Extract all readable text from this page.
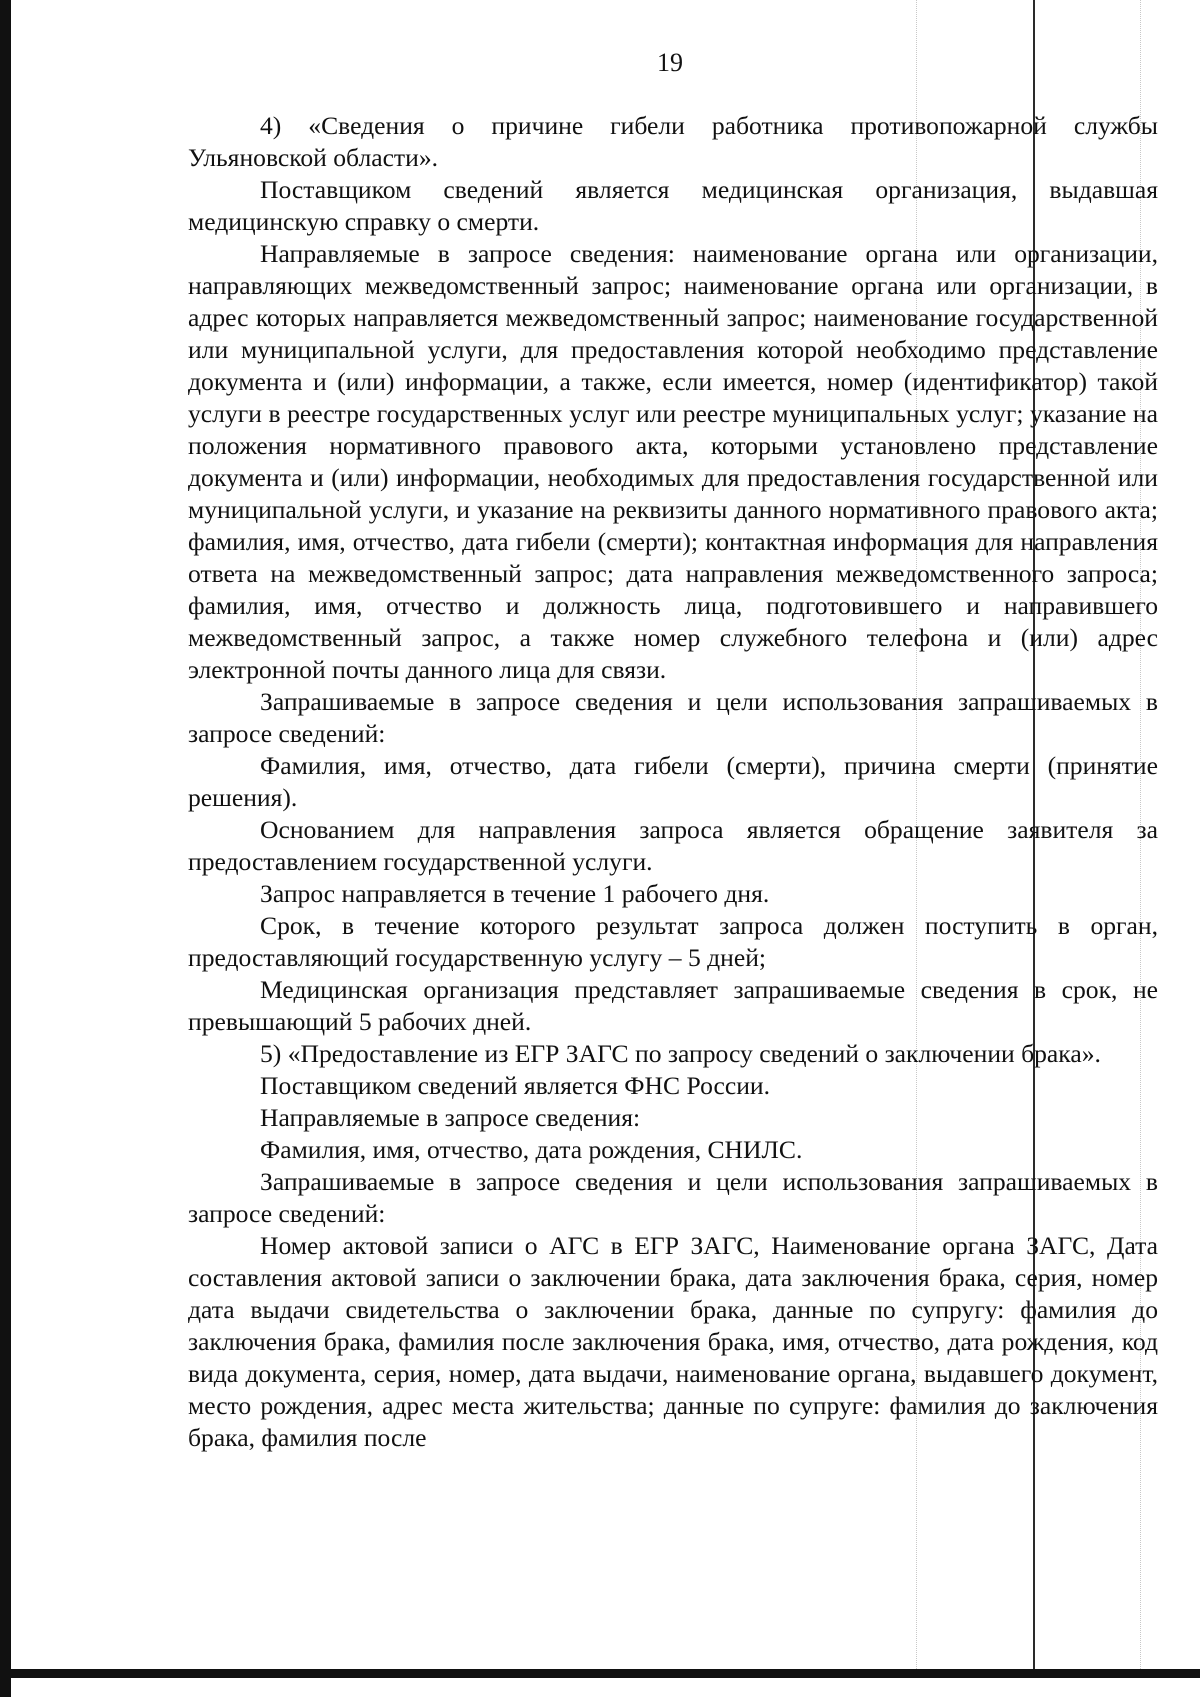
19

4) «Сведения о причине гибели работника противопожарной службы Ульяновской области».

Поставщиком сведений является медицинская организация, выдавшая медицинскую справку о смерти.

Направляемые в запросе сведения: наименование органа или организации, направляющих межведомственный запрос; наименование органа или организации, в адрес которых направляется межведомственный запрос; наименование государственной или муниципальной услуги, для предоставления которой необходимо представление документа и (или) информации, а также, если имеется, номер (идентификатор) такой услуги в реестре государственных услуг или реестре муниципальных услуг; указание на положения нормативного правового акта, которыми установлено представление документа и (или) информации, необходимых для предоставления государственной или муниципальной услуги, и указание на реквизиты данного нормативного правового акта; фамилия, имя, отчество, дата гибели (смерти); контактная информация для направления ответа на межведомственный запрос; дата направления межведомственного запроса; фамилия, имя, отчество и должность лица, подготовившего и направившего межведомственный запрос, а также номер служебного телефона и (или) адрес электронной почты данного лица для связи.

Запрашиваемые в запросе сведения и цели использования запрашиваемых в запросе сведений:

Фамилия, имя, отчество, дата гибели (смерти), причина смерти (принятие решения).

Основанием для направления запроса является обращение заявителя за предоставлением государственной услуги.

Запрос направляется в течение 1 рабочего дня.

Срок, в течение которого результат запроса должен поступить в орган, предоставляющий государственную услугу – 5 дней;

Медицинская организация представляет запрашиваемые сведения в срок, не превышающий 5 рабочих дней.

5) «Предоставление из ЕГР ЗАГС по запросу сведений о заключении брака».

Поставщиком сведений является ФНС России.

Направляемые в запросе сведения:

Фамилия, имя, отчество, дата рождения, СНИЛС.

Запрашиваемые в запросе сведения и цели использования запрашиваемых в запросе сведений:

Номер актовой записи о АГС в ЕГР ЗАГС, Наименование органа ЗАГС, Дата составления актовой записи о заключении брака, дата заключения брака, серия, номер дата выдачи свидетельства о заключении брака, данные по супругу: фамилия до заключения брака, фамилия после заключения брака, имя, отчество, дата рождения, код вида документа, серия, номер, дата выдачи, наименование органа, выдавшего документ, место рождения, адрес места жительства; данные по супруге: фамилия до заключения брака, фамилия после
